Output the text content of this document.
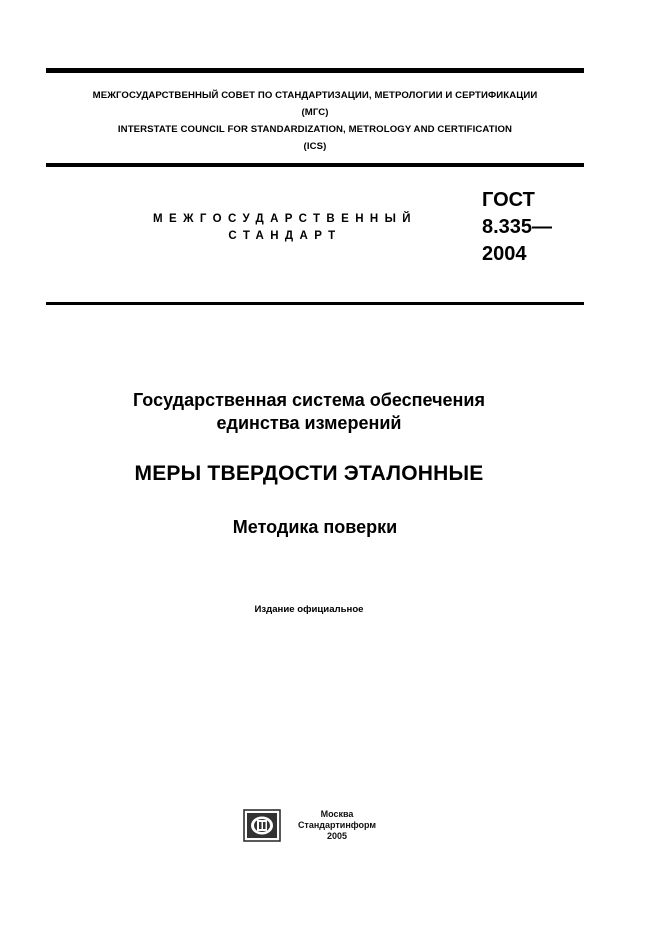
МЕЖГОСУДАРСТВЕННЫЙ СОВЕТ ПО СТАНДАРТИЗАЦИИ, МЕТРОЛОГИИ И СЕРТИФИКАЦИИ
(МГС)
INTERSTATE COUNCIL FOR STANDARDIZATION, METROLOGY AND CERTIFICATION
(ICS)
МЕЖГОСУДАРСТВЕННЫЙ
СТАНДАРТ
ГОСТ
8.335—
2004
Государственная система обеспечения
единства измерений
МЕРЫ ТВЕРДОСТИ ЭТАЛОННЫЕ
Методика поверки
Издание официальное
Москва
Стандартинформ
2005
